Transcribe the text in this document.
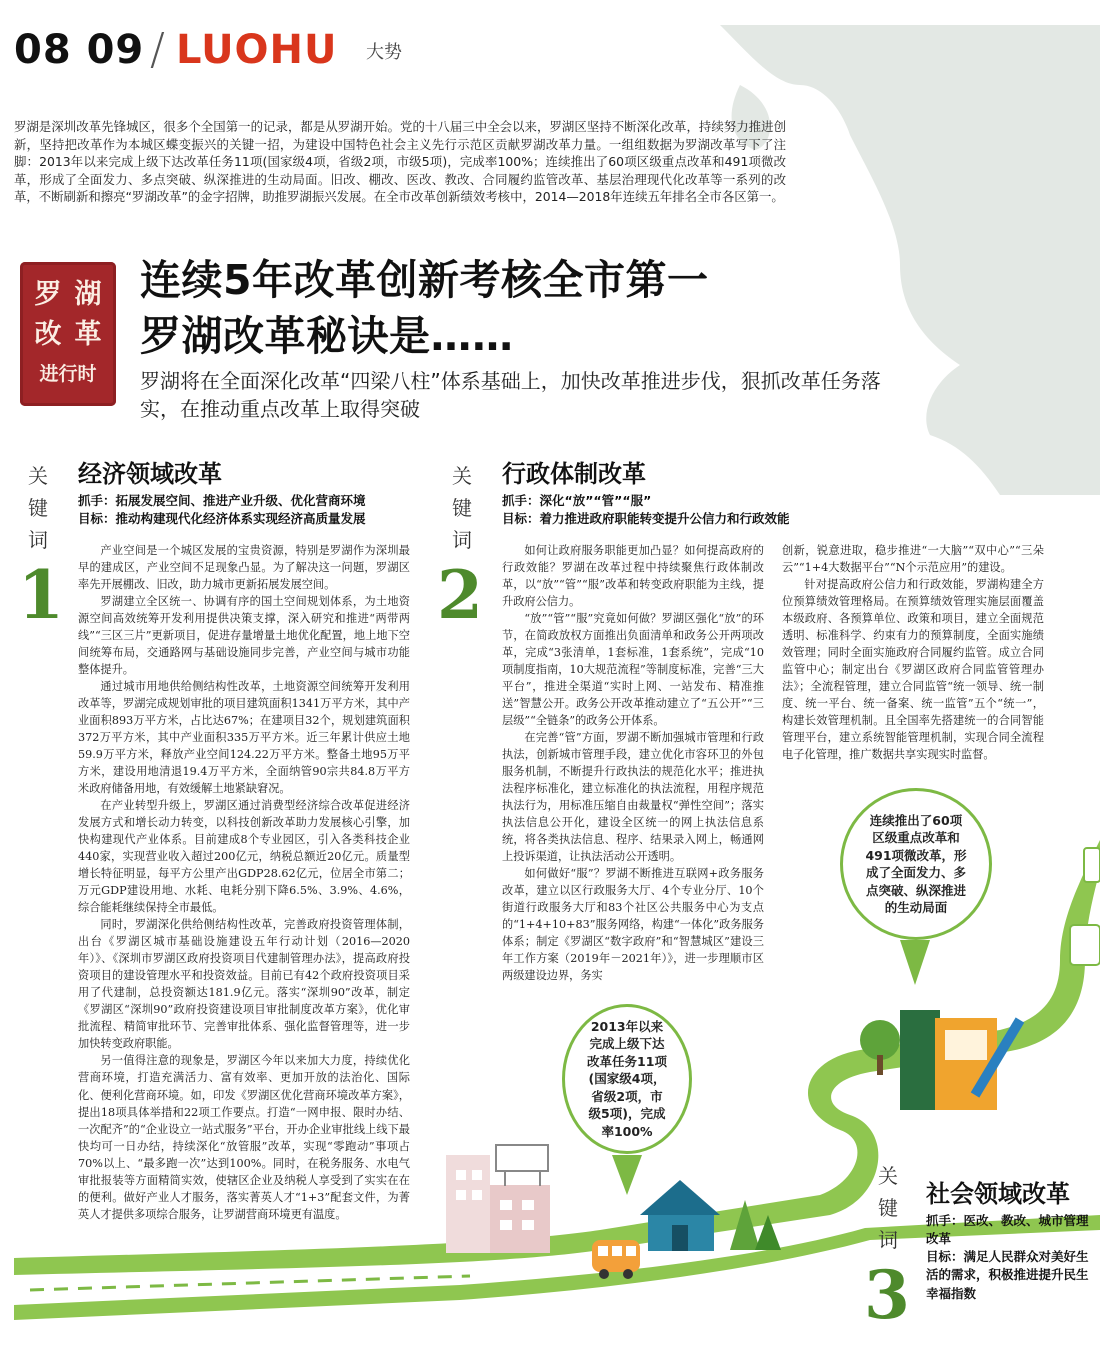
08 09 / LUOHU 大势
罗湖是深圳改革先锋城区，很多个全国第一的记录，都是从罗湖开始。党的十八届三中全会以来，罗湖区坚持不断深化改革，持续努力推进创新，坚持把改革作为本城区蝶变振兴的关键一招，为建设中国特色社会主义先行示范区贡献罗湖改革力量。一组组数据为罗湖改革写下了注脚：2013年以来完成上级下达改革任务11项(国家级4项，省级2项，市级5项)，完成率100%；连续推出了60项区级重点改革和491项微改革，形成了全面发力、多点突破、纵深推进的生动局面。旧改、棚改、医改、教改、合同履约监管改革、基层治理现代化改革等一系列的改革，不断刷新和擦亮“罗湖改革”的金字招牌，助推罗湖振兴发展。在全市改革创新绩效考核中，2014—2018年连续五年排名全市各区第一。
罗 湖
改 革
进行时
连续5年改革创新考核全市第一
罗湖改革秘诀是……
罗湖将在全面深化改革“四梁八柱”体系基础上，加快改革推进步伐，狠抓改革任务落实，在推动重点改革上取得突破
关
键
词
1
经济领域改革
抓手：拓展发展空间、推进产业升级、优化营商环境
目标：推动构建现代化经济体系实现经济高质量发展

产业空间是一个城区发展的宝贵资源，特别是罗湖作为深圳最早的建成区，产业空间不足现象凸显。为了解决这一问题，罗湖区率先开展棚改、旧改，助力城市更新拓展发展空间。

罗湖建立全区统一、协调有序的国土空间规划体系，为土地资源空间高效统筹开发利用提供决策支撑，深入研究和推进“两带两线”“三区三片”更新项目，促进存量增量土地优化配置，地上地下空间统筹布局，交通路网与基础设施同步完善，产业空间与城市功能整体提升。

通过城市用地供给侧结构性改革，土地资源空间统筹开发利用改革等，罗湖完成规划审批的项目建筑面积1341万平方米，其中产业面积893万平方米，占比达67%；在建项目32个，规划建筑面积372万平方米，其中产业面积335万平方米。近三年累计供应土地59.9万平方米，释放产业空间124.22万平方米。整备土地95万平方米，建设用地清退19.4万平方米，全面纳管90宗共84.8万平方米政府储备用地，有效缓解土地紧缺窘况。

在产业转型升级上，罗湖区通过消费型经济综合改革促进经济发展方式和增长动力转变，以科技创新改革助力发展核心引擎，加快构建现代产业体系。目前建成8个专业园区，引入各类科技企业440家，实现营业收入超过200亿元，纳税总额近20亿元。质量型增长特征明显，每平方公里产出GDP28.62亿元，位居全市第二；万元GDP建设用地、水耗、电耗分别下降6.5%、3.9%、4.6%，综合能耗继续保持全市最低。

同时，罗湖深化供给侧结构性改革，完善政府投资管理体制，出台《罗湖区城市基础设施建设五年行动计划（2016—2020年）》、《深圳市罗湖区政府投资项目代建制管理办法》，提高政府投资项目的建设管理水平和投资效益。目前已有42个政府投资项目采用了代建制，总投资额达181.9亿元。落实“深圳90”改革，制定《罗湖区“深圳90”政府投资建设项目审批制度改革方案》，优化审批流程、精简审批环节、完善审批体系、强化监督管理等，进一步加快转变政府职能。

另一值得注意的现象是，罗湖区今年以来加大力度，持续优化营商环境，打造充满活力、富有效率、更加开放的法治化、国际化、便利化营商环境。如，印发《罗湖区优化营商环境改革方案》，提出18项具体举措和22项工作要点。打造“一网申报、限时办结、一次配齐”的“企业设立一站式服务”平台，开办企业审批线上线下最快均可一日办结，持续深化“放管服”改革，实现“零跑动”事项占70%以上、“最多跑一次”达到100%。同时，在税务服务、水电气审批报装等方面精简实效，使辖区企业及纳税人享受到了实实在在的便利。做好产业人才服务，落实菁英人才“1+3”配套文件，为菁英人才提供多项综合服务，让罗湖营商环境更有温度。

关
键
词
2
行政体制改革
抓手：深化“放”“管”“服”
目标：着力推进政府职能转变提升公信力和行政效能

如何让政府服务职能更加凸显？如何提高政府的行政效能？罗湖在改革过程中持续聚焦行政体制改革，以“放”“管”“服”改革和转变政府职能为主线，提升政府公信力。

“放”“管”“服”究竟如何做？罗湖区强化“放”的环节，在简政放权方面推出负面清单和政务公开两项改革，完成“3张清单，1套标准，1套系统”，完成“10项制度指南，10大规范流程”等制度标准，完善“三大平台”，推进全渠道“实时上网、一站发布、精准推送”智慧公开。政务公开改革推动建立了“五公开”“三层级”“全链条”的政务公开体系。

在完善“管”方面，罗湖不断加强城市管理和行政执法，创新城市管理手段，建立优化市容环卫的外包服务机制，不断提升行政执法的规范化水平；推进执法程序标准化，建立标准化的执法流程，用程序规范执法行为，用标准压缩自由裁量权“弹性空间”；落实执法信息公开化，建设全区统一的网上执法信息系统，将各类执法信息、程序、结果录入网上，畅通网上投诉渠道，让执法活动公开透明。

如何做好“服”？罗湖不断推进互联网+政务服务改革，建立以区行政服务大厅、4个专业分厅、10个街道行政服务大厅和83个社区公共服务中心为支点的“1+4+10+83”服务网络，构建“一体化”政务服务体系；制定《罗湖区“数字政府”和“智慧城区”建设三年工作方案（2019年－2021年）》，进一步理顺市区两级建设边界，务实

创新，锐意进取，稳步推进“一大脑”“双中心”“三朵云”“1+4大数据平台”“N个示范应用”的建设。

针对提高政府公信力和行政效能，罗湖构建全方位预算绩效管理格局。在预算绩效管理实施层面覆盖本级政府、各预算单位、政策和项目，建立全面规范透明、标准科学、约束有力的预算制度，全面实施绩效管理；同时全面实施政府合同履约监管。成立合同监管中心；制定出台《罗湖区政府合同监管管理办法》；全流程管理，建立合同监管“统一领导、统一制度、统一平台、统一备案、统一监管”五个“统一”，构建长效管理机制。且全国率先搭建统一的合同智能管理平台，建立系统智能管理机制，实现合同全流程电子化管理，推广数据共享实现实时监督。

连续推出了60项区级重点改革和491项微改革，形成了全面发力、多点突破、纵深推进的生动局面
2013年以来完成上级下达改革任务11项(国家级4项，省级2项，市级5项)，完成率100%
关
键
词
3
社会领域改革
抓手：医改、教改、城市管理改革
目标：满足人民群众对美好生活的需求，积极推进提升民生幸福指数
